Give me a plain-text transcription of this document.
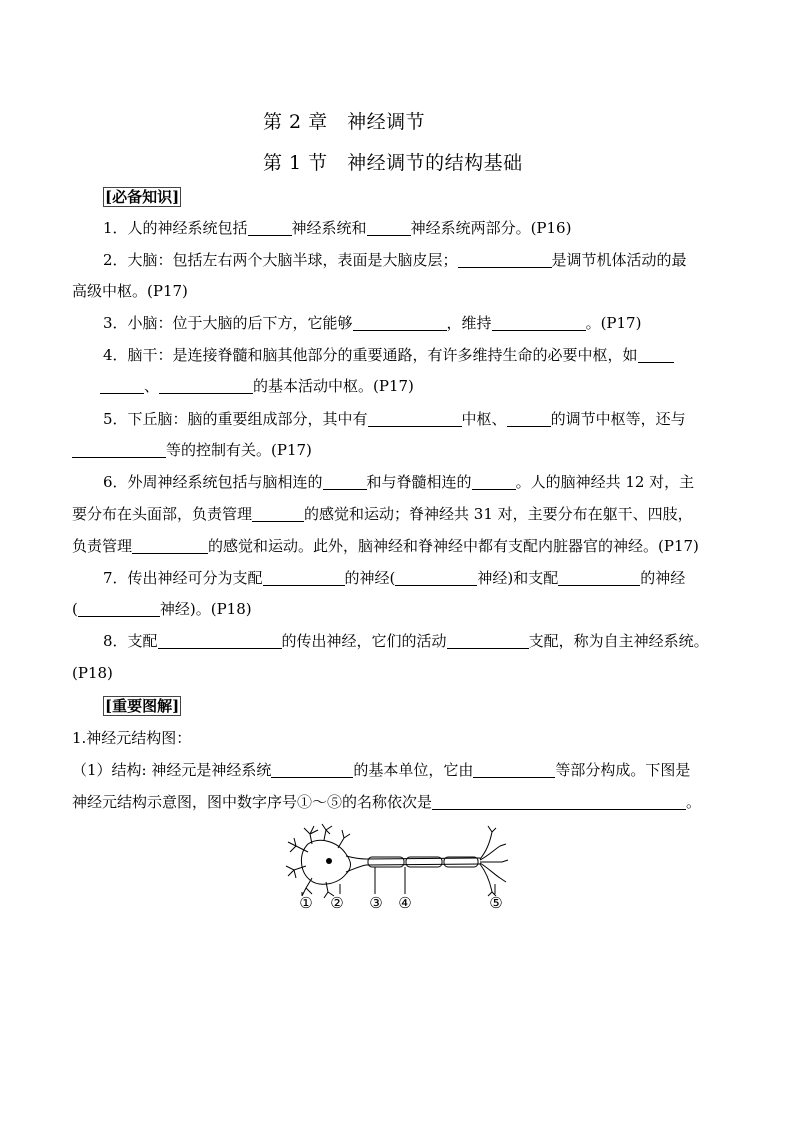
第 2 章　神经调节
第 1 节　神经调节的结构基础
[必备知识]
1．人的神经系统包括	神经系统和	神经系统两部分。(P16)
2．大脑：包括左右两个大脑半球，表面是大脑皮层；	是调节机体活动的最
高级中枢。(P17)
3．小脑：位于大脑的后下方，它能够	，维持	。(P17)
4．脑干：是连接脊髓和脑其他部分的重要通路，有许多维持生命的必要中枢，如
、	的基本活动中枢。(P17)
5．下丘脑：脑的重要组成部分，其中有	中枢、	的调节中枢等，还与
等的控制有关。(P17)
6．外周神经系统包括与脑相连的	和与脊髓相连的	。人的脑神经共 12 对，主
要分布在头面部，负责管理	的感觉和运动；脊神经共 31 对，主要分布在躯干、四肢，
负责管理	的感觉和运动。此外，脑神经和脊神经中都有支配内脏器官的神经。(P17)
7．传出神经可分为支配	的神经(	神经)和支配	的神经
(	神经)。(P18)
8．支配	的传出神经，它们的活动	支配，称为自主神经系统。
(P18)
[重要图解]
1.神经元结构图：
（1）结构: 神经元是神经系统	的基本单位，它由	等部分构成。下图是
神经元结构示意图，图中数字序号①～⑤的名称依次是	。
① ② ③ ④	⑤
